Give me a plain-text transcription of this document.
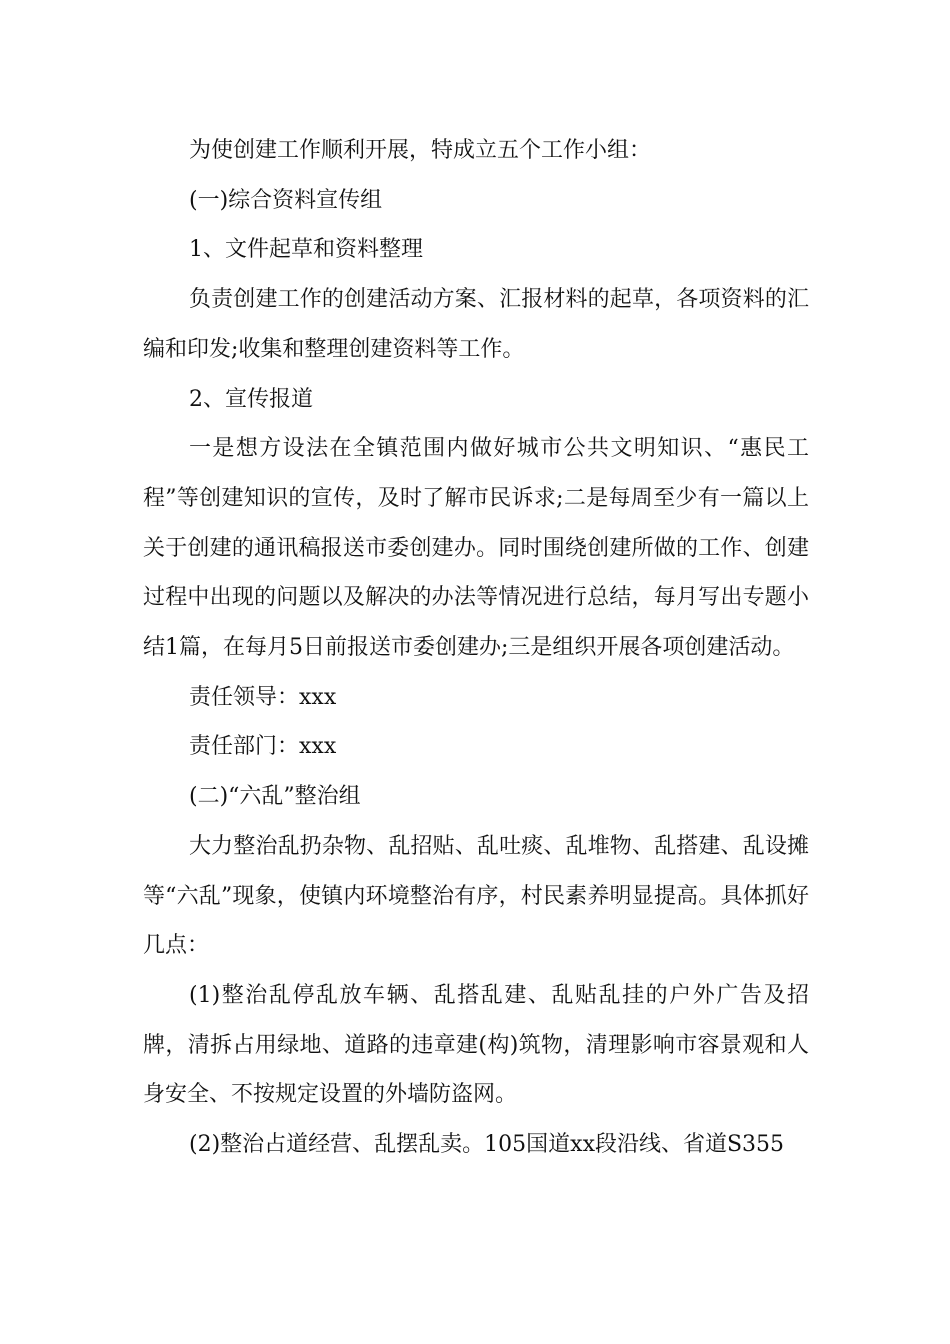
为使创建工作顺利开展，特成立五个工作小组：

(一)综合资料宣传组

1、文件起草和资料整理

负责创建工作的创建活动方案、汇报材料的起草，各项资料的汇编和印发;收集和整理创建资料等工作。

2、宣传报道

一是想方设法在全镇范围内做好城市公共文明知识、“惠民工程”等创建知识的宣传，及时了解市民诉求;二是每周至少有一篇以上关于创建的通讯稿报送市委创建办。同时围绕创建所做的工作、创建过程中出现的问题以及解决的办法等情况进行总结，每月写出专题小结1篇，在每月5日前报送市委创建办;三是组织开展各项创建活动。

责任领导：xxx

责任部门：xxx

(二)“六乱”整治组

大力整治乱扔杂物、乱招贴、乱吐痰、乱堆物、乱搭建、乱设摊等“六乱”现象，使镇内环境整治有序，村民素养明显提高。具体抓好几点：

(1)整治乱停乱放车辆、乱搭乱建、乱贴乱挂的户外广告及招牌，清拆占用绿地、道路的违章建(构)筑物，清理影响市容景观和人身安全、不按规定设置的外墙防盗网。

(2)整治占道经营、乱摆乱卖。105国道xx段沿线、省道S355
